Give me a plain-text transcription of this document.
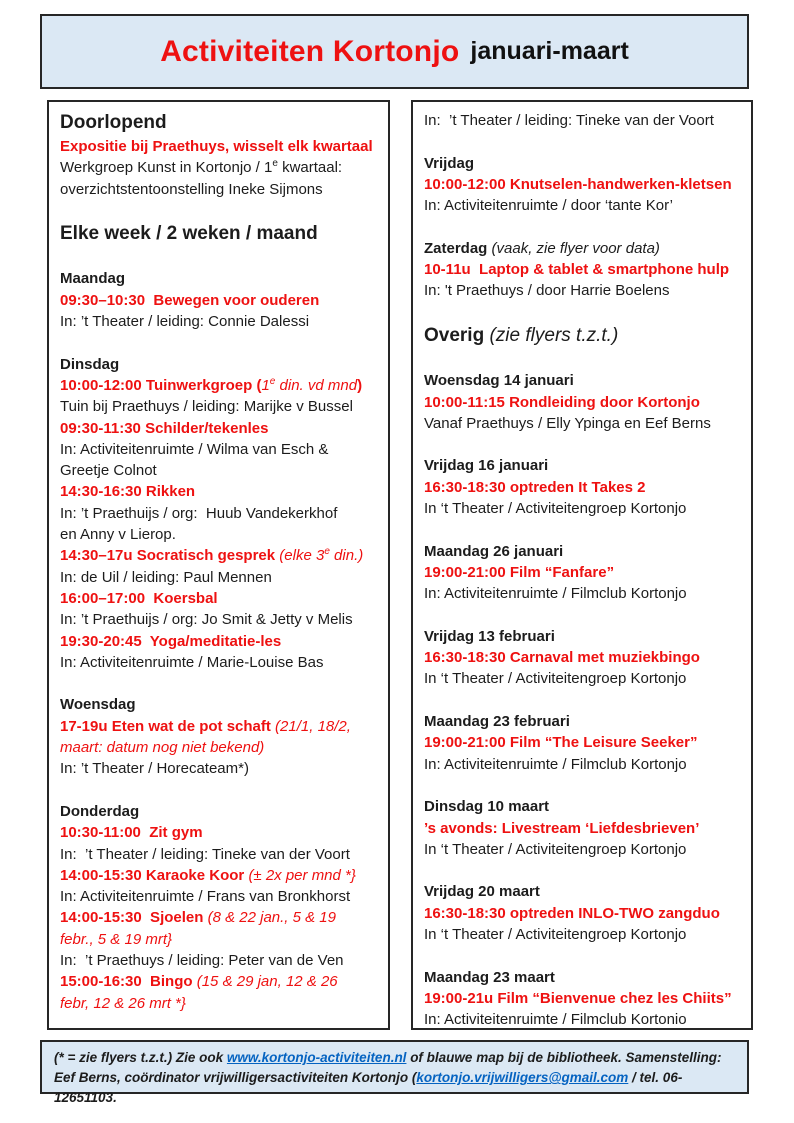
Activiteiten Kortonjo januari-maart
Doorlopend
Expositie bij Praethuys, wisselt elk kwartaal
Werkgroep Kunst in Kortonjo / 1e kwartaal:
overzichtstentoonstelling Ineke Sijmons

Elke week / 2 weken / maand

Maandag
09:30–10:30  Bewegen voor ouderen
In: ’t Theater / leiding: Connie Dalessi

Dinsdag
10:00-12:00 Tuinwerkgroep (1e din. vd mnd)
Tuin bij Praethuys / leiding: Marijke v Bussel
09:30-11:30 Schilder/tekenles
In: Activiteitenruimte / Wilma van Esch &
Greetje Colnot
14:30-16:30 Rikken
In: ’t Praethuijs / org:  Huub Vandekerkhof
en Anny v Lierop.
14:30–17u Socratisch gesprek (elke 3e din.)
In: de Uil / leiding: Paul Mennen
16:00–17:00  Koersbal
In: ’t Praethuijs / org: Jo Smit & Jetty v Melis
19:30-20:45  Yoga/meditatie-les
In: Activiteitenruimte / Marie-Louise Bas

Woensdag
17-19u Eten wat de pot schaft (21/1, 18/2,
maart: datum nog niet bekend)
In: ’t Theater / Horecateam*)

Donderdag
10:30-11:00  Zit gym
In:  ’t Theater / leiding: Tineke van der Voort
14:00-15:30 Karaoke Koor (± 2x per mnd *}
In: Activiteitenruimte / Frans van Bronkhorst
14:00-15:30  Sjoelen (8 & 22 jan., 5 & 19
febr., 5 & 19 mrt}
In:  ’t Praethuys / leiding: Peter van de Ven
15:00-16:30  Bingo (15 & 29 jan, 12 & 26
febr, 12 & 26 mrt *}
In:  ’t Theater / leiding: Tineke van der Voort

Vrijdag
10:00-12:00 Knutselen-handwerken-kletsen
In: Activiteitenruimte / door ‘tante Kor’

Zaterdag (vaak, zie flyer voor data)
10-11u  Laptop & tablet & smartphone hulp
In: 't Praethuys / door Harrie Boelens

Overig (zie flyers t.z.t.)

Woensdag 14 januari
10:00-11:15 Rondleiding door Kortonjo
Vanaf Praethuys / Elly Ypinga en Eef Berns

Vrijdag 16 januari
16:30-18:30 optreden It Takes 2
In ‘t Theater / Activiteitengroep Kortonjo

Maandag 26 januari
19:00-21:00 Film “Fanfare”
In: Activiteitenruimte / Filmclub Kortonjo

Vrijdag 13 februari
16:30-18:30 Carnaval met muziekbingo
In ‘t Theater / Activiteitengroep Kortonjo

Maandag 23 februari
19:00-21:00 Film “The Leisure Seeker”
In: Activiteitenruimte / Filmclub Kortonjo

Dinsdag 10 maart
’s avonds: Livestream ‘Liefdesbrieven’
In ‘t Theater / Activiteitengroep Kortonjo

Vrijdag 20 maart
16:30-18:30 optreden INLO-TWO zangduo
In ‘t Theater / Activiteitengroep Kortonjo

Maandag 23 maart
19:00-21u Film “Bienvenue chez les Chiits”
In: Activiteitenruimte / Filmclub Kortonio
(* = zie flyers t.z.t.) Zie ook www.kortonjo-activiteiten.nl of blauwe map bij de bibliotheek. Samenstelling: Eef Berns, coördinator vrijwilligersactiviteiten Kortonjo (kortonjo.vrijwilligers@gmail.com / tel. 06-12651103.
